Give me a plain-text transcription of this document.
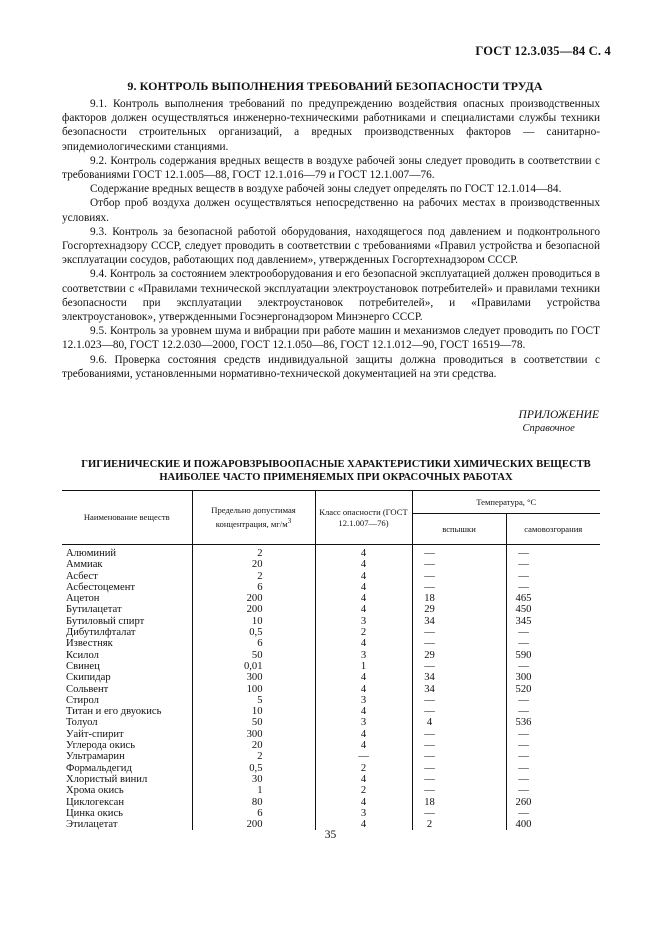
ГОСТ 12.3.035—84 С. 4
9. КОНТРОЛЬ ВЫПОЛНЕНИЯ ТРЕБОВАНИЙ БЕЗОПАСНОСТИ ТРУДА

9.1. Контроль выполнения требований по предупреждению воздействия опасных производственных факторов должен осуществляться инженерно-техническими работниками и специалистами службы техники безопасности строительных организаций, а вредных производственных факторов — санитарно-эпидемиологическими станциями.

9.2. Контроль содержания вредных веществ в воздухе рабочей зоны следует проводить в соответствии с требованиями ГОСТ 12.1.005—88, ГОСТ 12.1.016—79 и ГОСТ 12.1.007—76.

Содержание вредных веществ в воздухе рабочей зоны следует определять по ГОСТ 12.1.014—84.

Отбор проб воздуха должен осуществляться непосредственно на рабочих местах в производственных условиях.

9.3. Контроль за безопасной работой оборудования, находящегося под давлением и подконтрольного Госгортехнадзору СССР, следует проводить в соответствии с требованиями «Правил устройства и безопасной эксплуатации сосудов, работающих под давлением», утвержденных Госгортехнадзором СССР.

9.4. Контроль за состоянием электрооборудования и его безопасной эксплуатацией должен проводиться в соответствии с «Правилами технической эксплуатации электроустановок потребителей» и правилами техники безопасности при эксплуатации электроустановок потребителей», и «Правилами устройства электроустановок», утвержденными Госэнергонадзором Минэнерго СССР.

9.5. Контроль за уровнем шума и вибрации при работе машин и механизмов следует проводить по ГОСТ 12.1.023—80, ГОСТ 12.2.030—2000, ГОСТ 12.1.050—86, ГОСТ 12.1.012—90, ГОСТ 16519—78.

9.6. Проверка состояния средств индивидуальной защиты должна проводиться в соответствии с требованиями, установленными нормативно-технической документацией на эти средства.

ПРИЛОЖЕНИЕ
Справочное
ГИГИЕНИЧЕСКИЕ И ПОЖАРОВЗРЫВООПАСНЫЕ ХАРАКТЕРИСТИКИ ХИМИЧЕСКИХ ВЕЩЕСТВ
НАИБОЛЕЕ ЧАСТО ПРИМЕНЯЕМЫХ ПРИ ОКРАСОЧНЫХ РАБОТАХ
Наименование веществ	Предельно допустимая концентрация, $мг/м^3$	Класс опасности (ГОСТ 12.1.007—76)	Температура, °С	
			вспышки	самовозгорания
Алюминий	2	4	—	—
Аммиак	20	4	—	—
Асбест	2	4	—	—
Асбестоцемент	6	4	—	—
Ацетон	200	4	18	465
Бутилацетат	200	4	29	450
Бутиловый спирт	10	3	34	345
Дибутилфталат	0,5	2	—	—
Известняк	6	4	—	—
Ксилол	50	3	29	590
Свинец	0,01	1	—	—
Скипидар	300	4	34	300
Сольвент	100	4	34	520
Стирол	5	3	—	—
Титан и его двуокись	10	4	—	—
Толуол	50	3	4	536
Уайт-спирит	300	4	—	—
Углерода окись	20	4	—	—
Ультрамарин	2	—	—	—
Формальдегид	0,5	2	—	—
Хлористый винил	30	4	—	—
Хрома окись	1	2	—	—
Циклогексан	80	4	18	260
Цинка окись	6	3	—	—
Этилацетат	200	4	2	400
35
